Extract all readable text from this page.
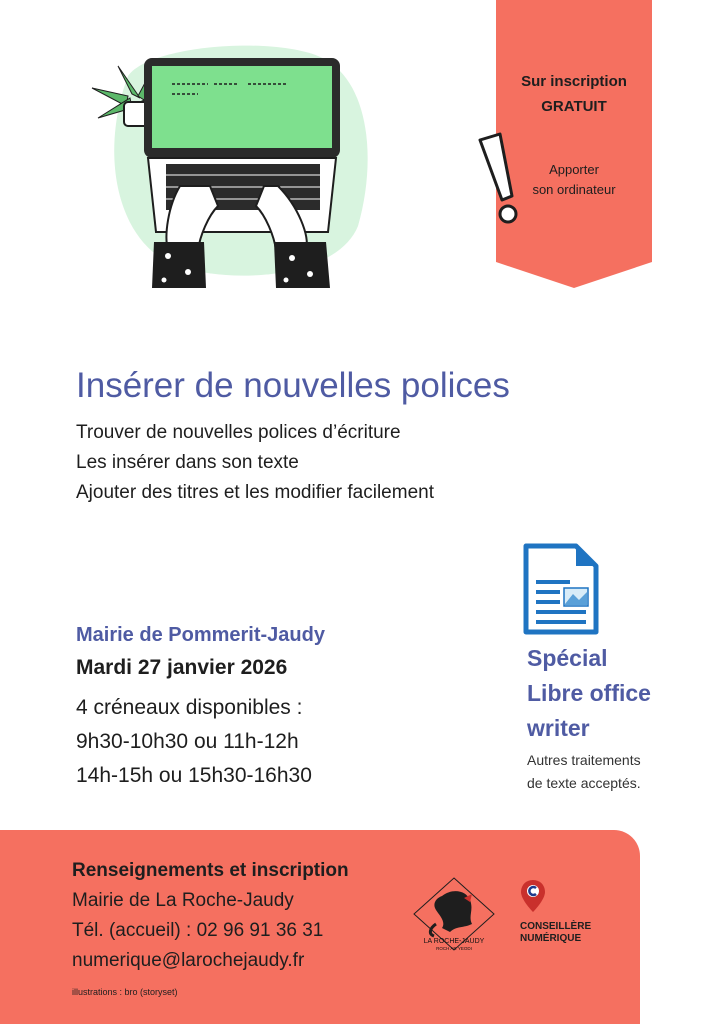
Sur inscription
GRATUIT
Apporter
son ordinateur
Insérer de nouvelles polices
Trouver de nouvelles polices d’écriture
Les insérer dans son texte
Ajouter des titres et les modifier facilement
Mairie de Pommerit-Jaudy
Mardi 27 janvier 2026
4 créneaux disponibles :
9h30-10h30 ou 11h-12h
14h-15h ou 15h30-16h30
Spécial
Libre office
writer
Autres traitements
de texte acceptés.
Renseignements et inscription
Mairie de La Roche-Jaudy
Tél. (accueil) : 02 96 91 36 31
numerique@larochejaudy.fr
illustrations : bro (storyset)
LA ROCHE-JAUDY
ROCH AR YEODI
CONSEILLÈRE
NUMÉRIQUE
